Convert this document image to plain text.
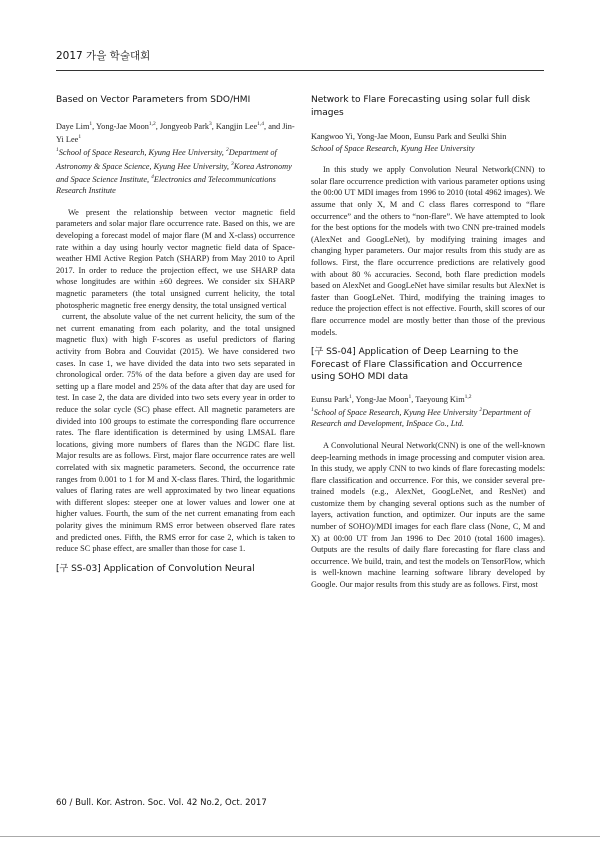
2017 가을 학술대회

Based on Vector Parameters from SDO/HMI

Daye Lim$^1$, Yong-Jae Moon$^{1,2}$, Jongyeob Park$^3$, Kangjin Lee$^{1,4}$, and Jin-Yi Lee$^1$

$^1$School of Space Research, Kyung Hee University, $^2$Department of Astronomy & Space Science, Kyung Hee University, $^3$Korea Astronomy and Space Science Institute, $^4$Electronics and Telecommunications Research Institute

We present the relationship between vector magnetic field parameters and solar major flare occurrence rate. Based on this, we are developing a forecast model of major flare (M and X-class) occurrence rate within a day using hourly vector magnetic field data of Space-weather HMI Active Region Patch (SHARP) from May 2010 to April 2017. In order to reduce the projection effect, we use SHARP data whose longitudes are within ±60 degrees. We consider six SHARP magnetic parameters (the total unsigned current helicity, the total photospheric magnetic free energy density, the total unsigned vertical

current, the absolute value of the net current helicity, the sum of the net current emanating from each polarity, and the total unsigned magnetic flux) with high F-scores as useful predictors of flaring activity from Bobra and Couvidat (2015). We have considered two cases. In case 1, we have divided the data into two sets separated in chronological order. 75% of the data before a given day are used for setting up a flare model and 25% of the data after that day are used for test. In case 2, the data are divided into two sets every year in order to reduce the solar cycle (SC) phase effect. All magnetic parameters are divided into 100 groups to estimate the corresponding flare occurrence rates. The flare identification is determined by using LMSAL flare locations, giving more numbers of flares than the NGDC flare list. Major results are as follows. First, major flare occurrence rates are well correlated with six magnetic parameters. Second, the occurrence rate ranges from 0.001 to 1 for M and X-class flares. Third, the logarithmic values of flaring rates are well approximated by two linear equations with different slopes: steeper one at lower values and lower one at higher values. Fourth, the sum of the net current emanating from each polarity gives the minimum RMS error between observed flare rates and predicted ones. Fifth, the RMS error for case 2, which is taken to reduce SC phase effect, are smaller than those for case 1.

[구 SS-03] Application of Convolution Neural

Network to Flare Forecasting using solar full disk images

Kangwoo Yi, Yong-Jae Moon, Eunsu Park and Seulki Shin

School of Space Research, Kyung Hee University

In this study we apply Convolution Neural Network(CNN) to solar flare occurrence prediction with various parameter options using the 00:00 UT MDI images from 1996 to 2010 (total 4962 images). We assume that only X, M and C class flares correspond to “flare occurrence” and the others to “non-flare”. We have attempted to look for the best options for the models with two CNN pre-trained models (AlexNet and GoogLeNet), by modifying training images and changing hyper parameters. Our major results from this study are as follows. First, the flare occurrence predictions are relatively good with about 80 % accuracies. Second, both flare prediction models based on AlexNet and GoogLeNet have similar results but AlexNet is faster than GoogLeNet. Third, modifying the training images to reduce the projection effect is not effective. Fourth, skill scores of our flare occurrence model are mostly better than those of the previous models.

[구 SS-04] Application of Deep Learning to the Forecast of Flare Classification and Occurrence using SOHO MDI data

Eunsu Park$^1$, Yong-Jae Moon$^1$, Taeyoung Kim$^{1,2}$

$^1$School of Space Research, Kyung Hee University $^2$Department of Research and Development, InSpace Co., Ltd.

A Convolutional Neural Network(CNN) is one of the well-known deep-learning methods in image processing and computer vision area. In this study, we apply CNN to two kinds of flare forecasting models: flare classification and occurrence. For this, we consider several pre-trained models (e.g., AlexNet, GoogLeNet, and ResNet) and customize them by changing several options such as the number of layers, activation function, and optimizer. Our inputs are the same number of SOHO)/MDI images for each flare class (None, C, M and X) at 00:00 UT from Jan 1996 to Dec 2010 (total 1600 images). Outputs are the results of daily flare forecasting for flare class and occurrence. We build, train, and test the models on TensorFlow, which is well-known machine learning software library developed by Google. Our major results from this study are as follows. First, most

60 / Bull. Kor. Astron. Soc. Vol. 42 No.2, Oct. 2017
